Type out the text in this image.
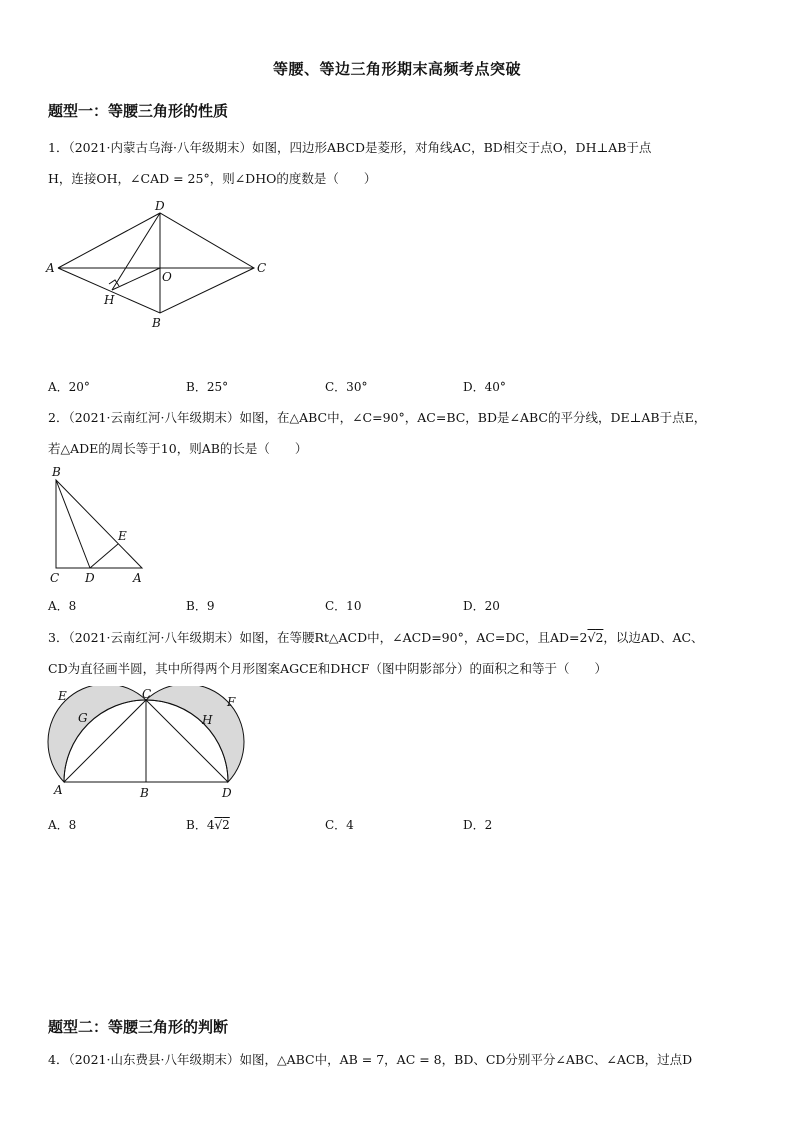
等腰、等边三角形期末高频考点突破
题型一：等腰三角形的性质
1．（2021·内蒙古乌海·八年级期末）如图，四边形ABCD是菱形，对角线AC，BD相交于点O，DH⊥AB于点
H，连接OH，∠CAD = 25°，则∠DHO的度数是（　　）
D
A
O
C
H
B
A．20°	B．25°	C．30°	D．40°
2．（2021·云南红河·八年级期末）如图，在△ABC中，∠C=90°，AC=BC，BD是∠ABC的平分线，DE⊥AB于点E，
若△ADE的周长等于10，则AB的长是（　　）
B
E
C D	A
A．8	B．9	C．10	D．20
3．（2021·云南红河·八年级期末）如图，在等腰Rt△ACD中，∠ACD=90°，AC=DC，且AD=2√2，以边AD、AC、
CD为直径画半圆，其中所得两个月形图案AGCE和DHCF（图中阴影部分）的面积之和等于（　　）
E
G
C
H
F
A	B	D
A．8	B．4√2	C．4	D．2
题型二：等腰三角形的判断
4．（2021·山东费县·八年级期末）如图，△ABC中，AB = 7，AC = 8，BD、CD分别平分∠ABC、∠ACB，过点D
